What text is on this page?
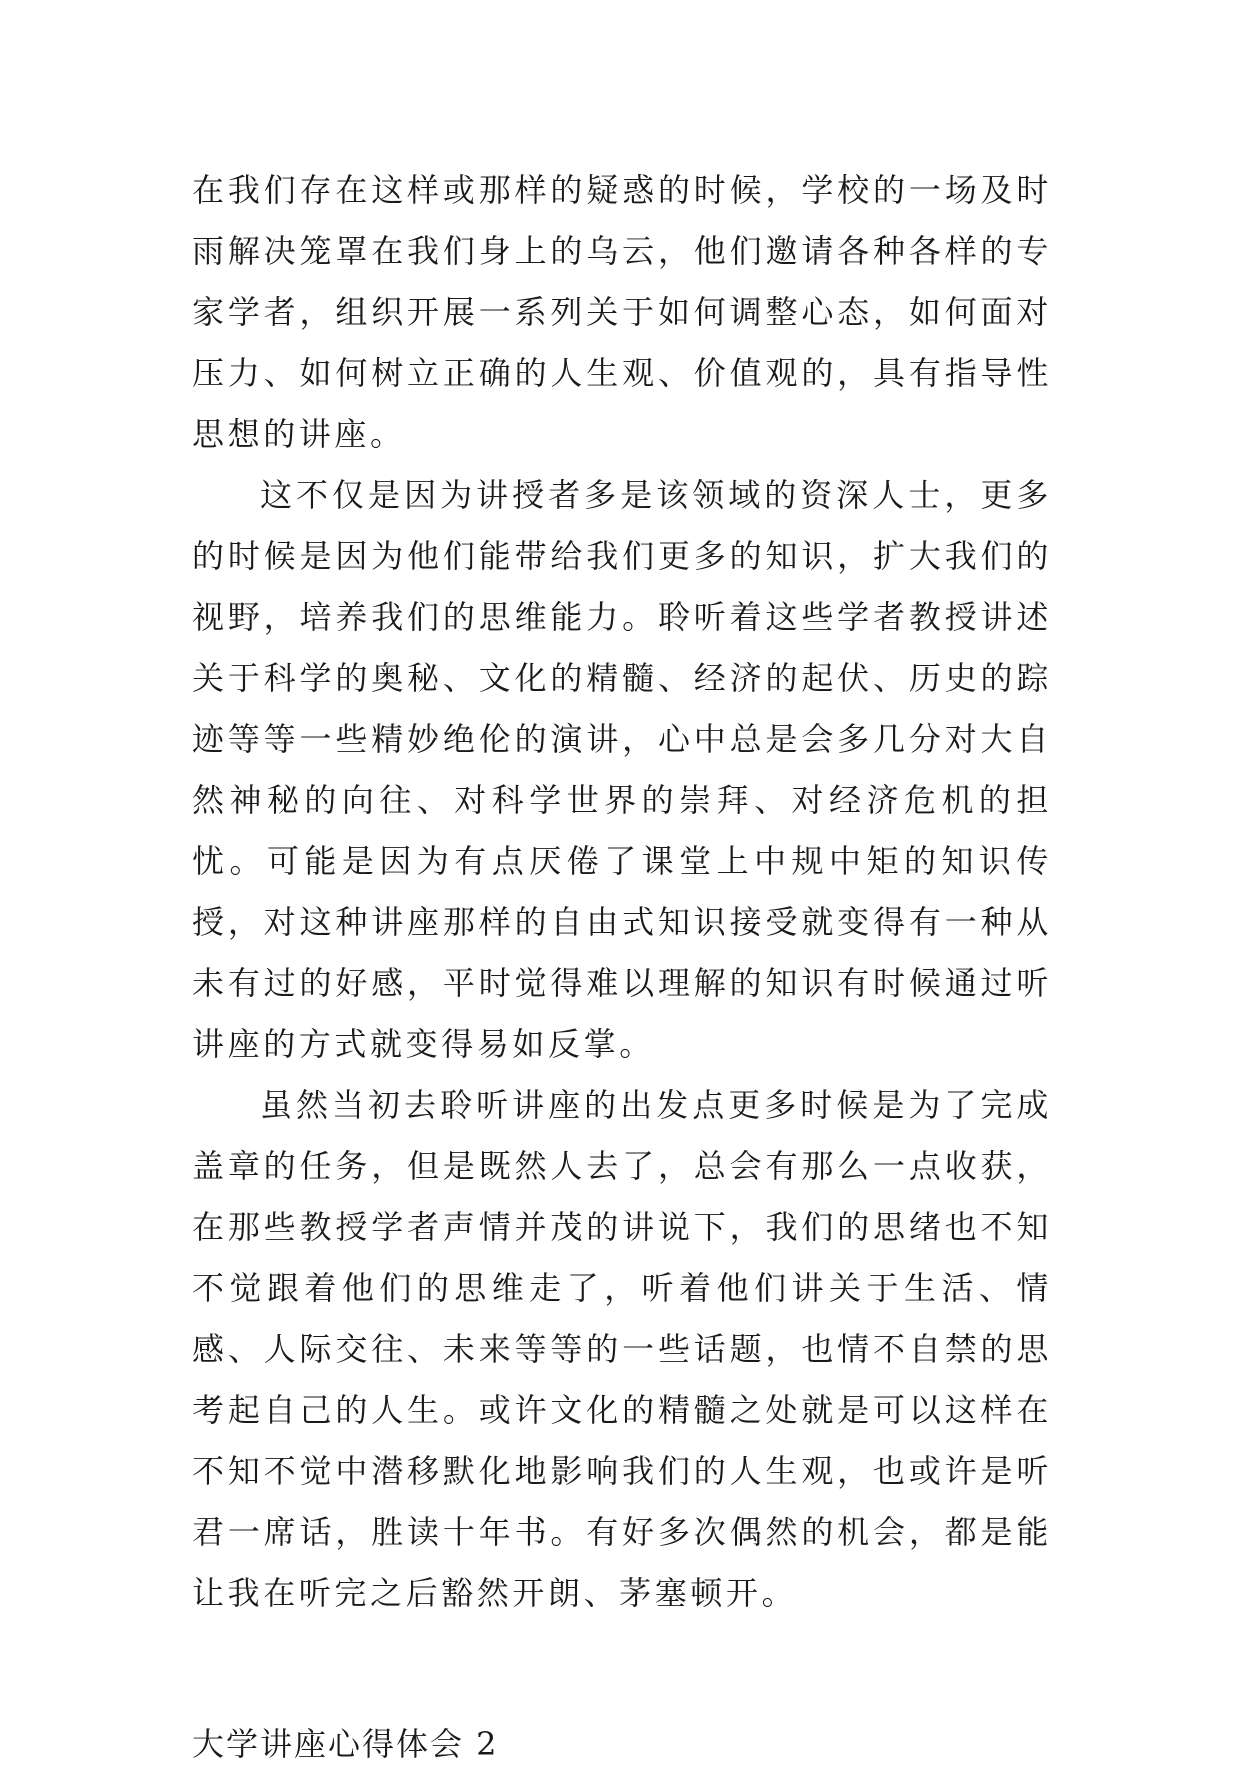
在我们存在这样或那样的疑惑的时候，学校的一场及时雨解决笼罩在我们身上的乌云，他们邀请各种各样的专家学者，组织开展一系列关于如何调整心态，如何面对压力、如何树立正确的人生观、价值观的，具有指导性思想的讲座。

这不仅是因为讲授者多是该领域的资深人士，更多的时候是因为他们能带给我们更多的知识，扩大我们的视野，培养我们的思维能力。聆听着这些学者教授讲述关于科学的奥秘、文化的精髓、经济的起伏、历史的踪迹等等一些精妙绝伦的演讲，心中总是会多几分对大自然神秘的向往、对科学世界的崇拜、对经济危机的担忧。可能是因为有点厌倦了课堂上中规中矩的知识传授，对这种讲座那样的自由式知识接受就变得有一种从未有过的好感，平时觉得难以理解的知识有时候通过听讲座的方式就变得易如反掌。

虽然当初去聆听讲座的出发点更多时候是为了完成盖章的任务，但是既然人去了，总会有那么一点收获，在那些教授学者声情并茂的讲说下，我们的思绪也不知不觉跟着他们的思维走了，听着他们讲关于生活、情感、人际交往、未来等等的一些话题，也情不自禁的思考起自己的人生。或许文化的精髓之处就是可以这样在不知不觉中潜移默化地影响我们的人生观，也或许是听君一席话，胜读十年书。有好多次偶然的机会，都是能让我在听完之后豁然开朗、茅塞顿开。

大学讲座心得体会 2
